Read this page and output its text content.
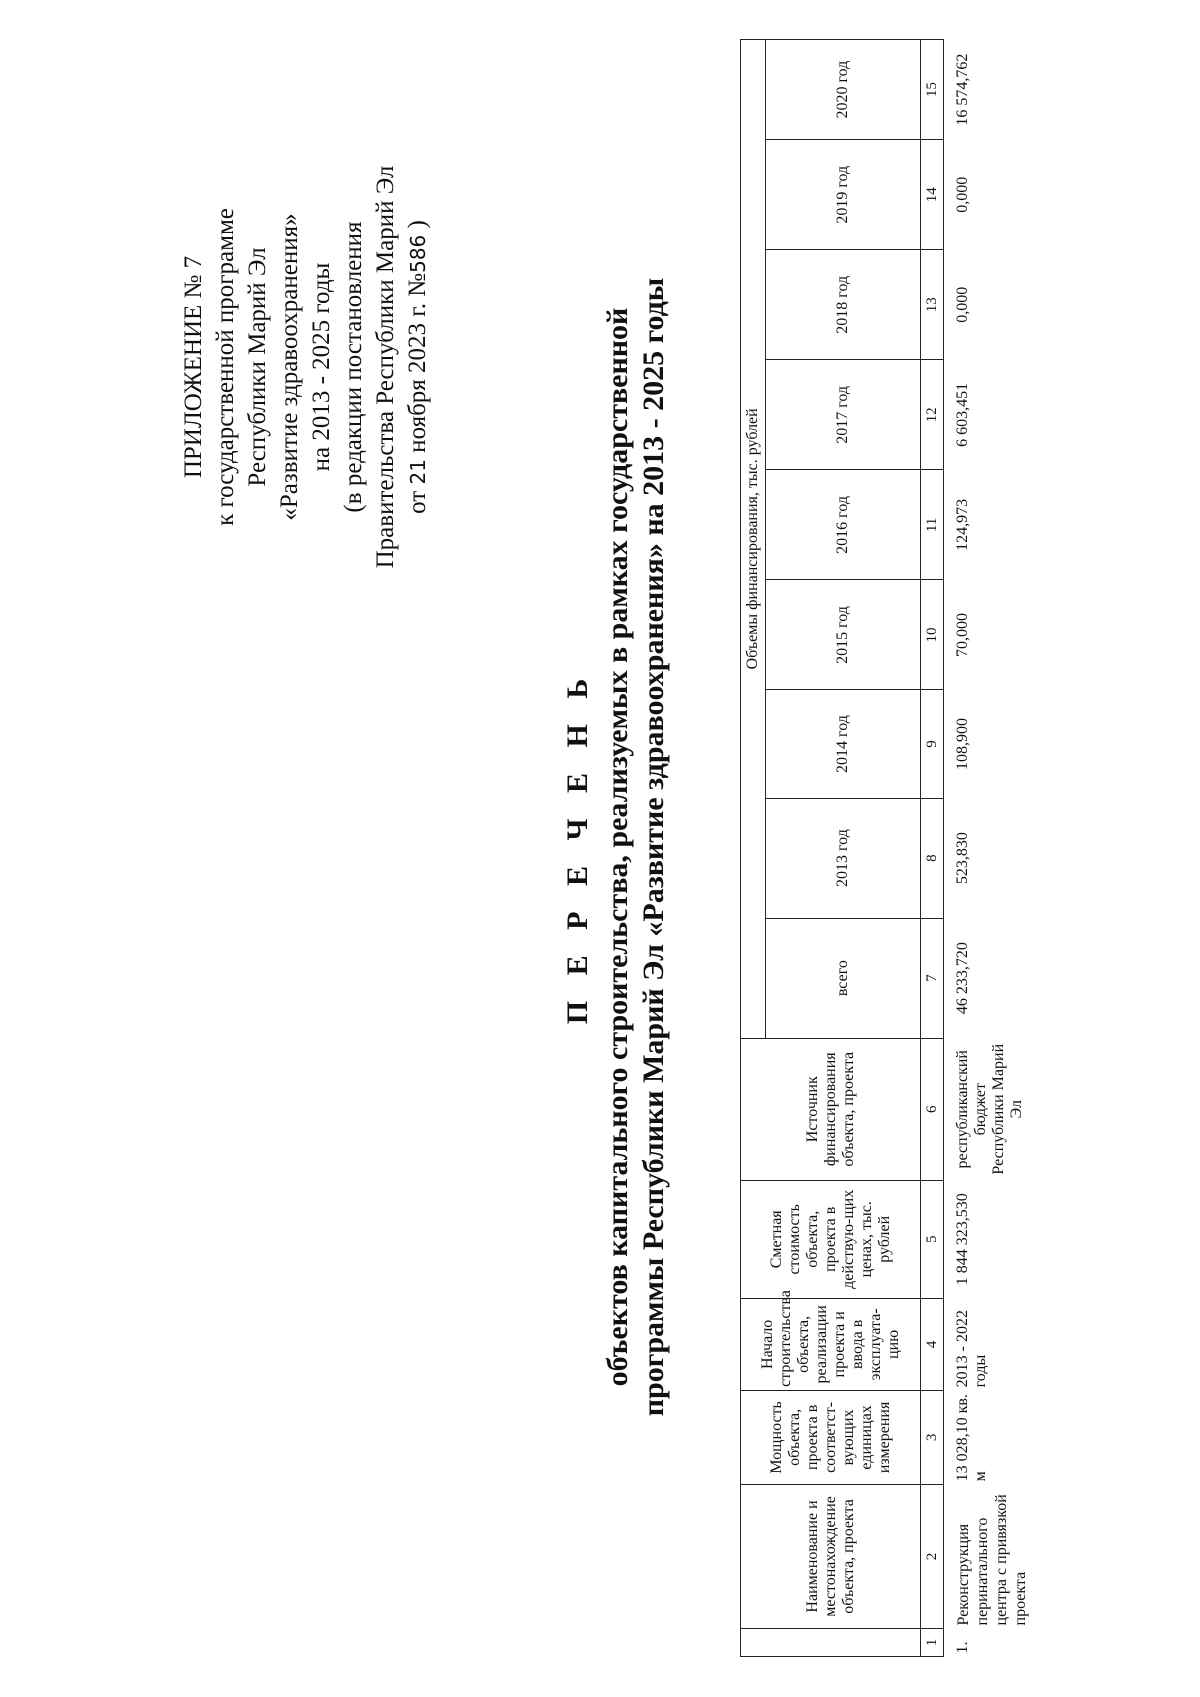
ПРИЛОЖЕНИЕ № 7 к государственной программе Республики Марий Эл «Развитие здравоохранения» на 2013 - 2025 годы (в редакции постановления Правительства Республики Марий Эл от 21 ноября 2023 г. №586 )
П Е Р Е Ч Е Н Ь объектов капитального строительства, реализуемых в рамках государственной программы Республики Марий Эл «Развитие здравоохранения» на 2013 - 2025 годы
	Наименование и местонахождение объекта, проекта	Мощность объекта, проекта в соответст-вующих единицах измерения	Начало строительства объекта, реализации проекта и ввода в эксплуата-цию	Сметная стоимость объекта, проекта в действую-щих ценах, тыс. рублей	Источник финансирования объекта, проекта	Объемы финансирования, тыс. рублей								
						всего	2013 год	2014 год	2015 год	2016 год	2017 год	2018 год	2019 год	2020 год
1	2	3	4	5	6	7	8	9	10	11	12	13	14	15
1.	Реконструкция перинатального центра с привязкой проекта	13 028,10 кв. м	2013 - 2022 годы	1 844 323,530	республиканский бюджет Республики Марий Эл	46 233,720	523,830	108,900	70,000	124,973	6 603,451	0,000	0,000	16 574,762
